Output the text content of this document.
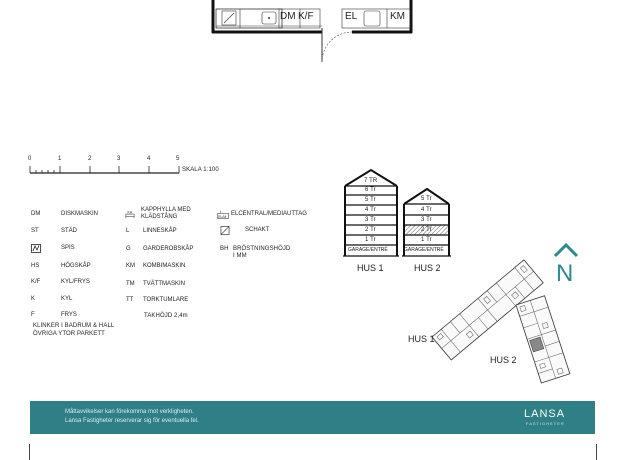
DM K/F	EL	KM
0	1	2	3	4	5
SKALA 1:100
DM	DISKMASKIN
ST	STÄD
SPIS
HS	HÖGSKÅP
K/F	KYL/FRYS
K	KYL
F	FRYS
KLINKER I BADRUM & HALL
ÖVRIGA YTOR PARKETT
KH KAPPHYLLA MED KLÄDSTÅNG
L	LINNESKÅP
G	GARDEROBSKÅP
KM	KOMBIMASKIN
TM	TVÄTTMASKIN
TT	TORKTUMLARE
TAKHÖJD 2,4m
EL/M ELCENTRAL/MEDIAUTTAG
SCHAKT
BH BRÖSTNINGSHÖJD I MM
7 TR
6 Tr
5 Tr
4 Tr
3 Tr
2 Tr
1 Tr
GARAGE/ENTRÉ
HUS 1
5 Tr
4 Tr
3 Tr
2 Tr
1 Tr
GARAGE/ENTRÉ
HUS 2	N
HUS 1
HUS 2
Måttavvikelser kan förekomma mot verkligheten.
Lansa Fastigheter reserverar sig för eventuella fel.
LANSA
FASTIGHETER
